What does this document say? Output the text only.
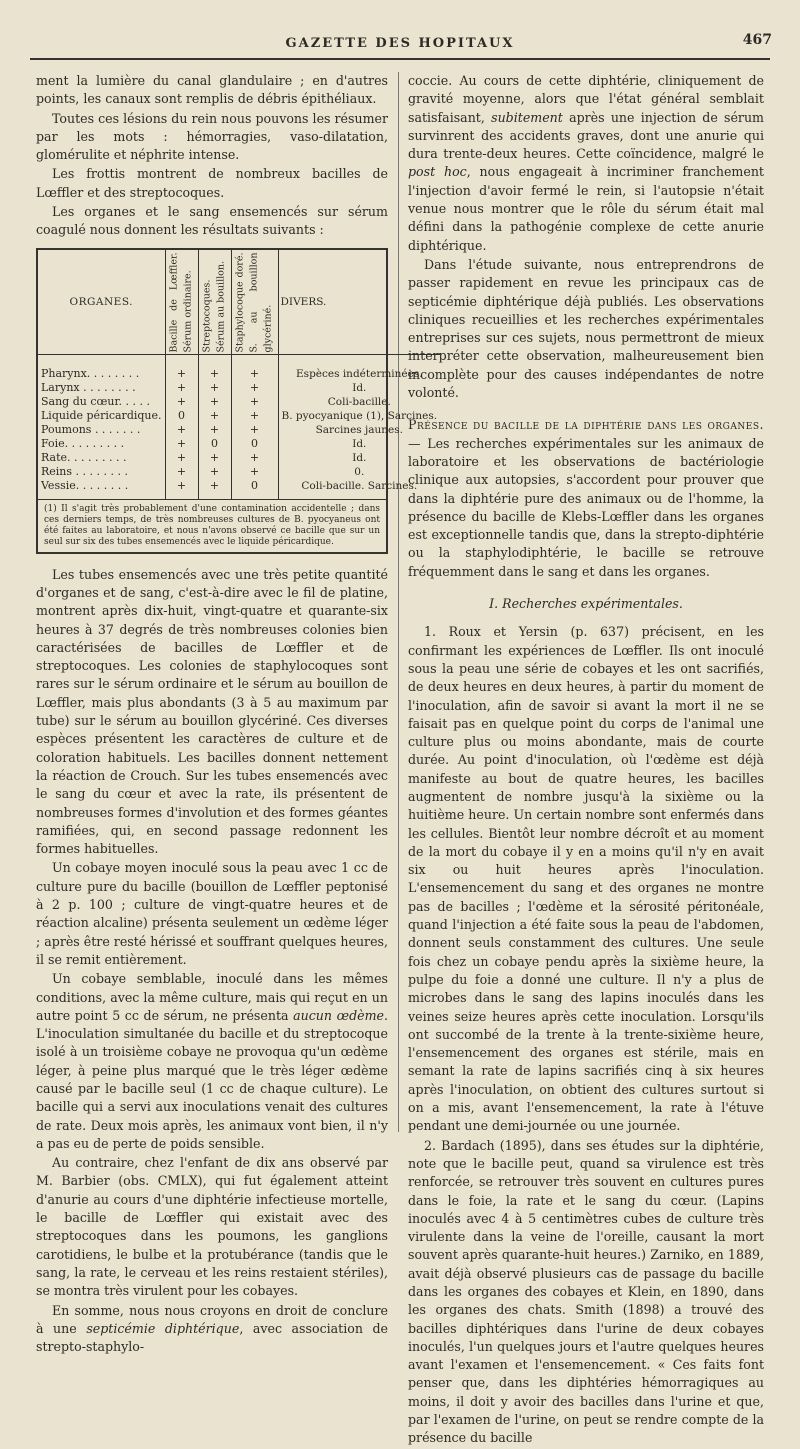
GAZETTE DES HOPITAUX	467

ment la lumière du canal glandulaire ; en d'autres points, les canaux sont remplis de débris épithéliaux.

Toutes ces lésions du rein nous pouvons les résumer par les mots : hémorragies, vaso-dilatation, glomérulite et néphrite intense.

Les frottis montrent de nombreux bacilles de Lœffler et des streptocoques.

Les organes et le sang ensemencés sur sérum coagulé nous donnent les résultats suivants :

ORGANES.	Bacille de Lœffler. Sérum ordinaire.	Streptocoques. Sérum au bouillon.	Staphylocoque doré. S. au bouillon glycériné.	DIVERS.
Pharynx. . . . . . . .	+	+	+	Espèces indéterminées.
Larynx . . . . . . . .	+	+	+	Id.
Sang du cœur. . . . .	+	+	+	Coli-bacille.
Liquide péricardique.	0	+	+	B. pyocyanique (1), Sarcines.
Poumons . . . . . . .	+	+	+	Sarcines jaunes.
Foie. . . . . . . . .	+	0	0	Id.
Rate. . . . . . . . .	+	+	+	Id.
Reins . . . . . . . .	+	+	+	0.
Vessie. . . . . . . .	+	+	0	Coli-bacille. Sarcines.
(1) Il s'agit très probablement d'une contamination accidentelle ; dans ces derniers temps, de très nombreuses cultures de B. pyocyaneus ont été faites au laboratoire, et nous n'avons observé ce bacille que sur un seul sur six des tubes ensemencés avec le liquide péricardique.

Les tubes ensemencés avec une très petite quantité d'organes et de sang, c'est-à-dire avec le fil de platine, montrent après dix-huit, vingt-quatre et quarante-six heures à 37 degrés de très nombreuses colonies bien caractérisées de bacilles de Lœffler et de streptocoques. Les colonies de staphylocoques sont rares sur le sérum ordinaire et le sérum au bouillon de Lœffler, mais plus abondants (3 à 5 au maximum par tube) sur le sérum au bouillon glycériné. Ces diverses espèces présentent les caractères de culture et de coloration habituels. Les bacilles donnent nettement la réaction de Crouch. Sur les tubes ensemencés avec le sang du cœur et avec la rate, ils présentent de nombreuses formes d'involution et des formes géantes ramifiées, qui, en second passage redonnent les formes habituelles.

Un cobaye moyen inoculé sous la peau avec 1 cc de culture pure du bacille (bouillon de Lœffler peptonisé à 2 p. 100 ; culture de vingt-quatre heures et de réaction alcaline) présenta seulement un œdème léger ; après être resté hérissé et souffrant quelques heures, il se remit entièrement.

Un cobaye semblable, inoculé dans les mêmes conditions, avec la même culture, mais qui reçut en un autre point 5 cc de sérum, ne présenta aucun œdème. L'inoculation simultanée du bacille et du streptocoque isolé à un troisième cobaye ne provoqua qu'un œdème léger, à peine plus marqué que le très léger œdème causé par le bacille seul (1 cc de chaque culture). Le bacille qui a servi aux inoculations venait des cultures de rate. Deux mois après, les animaux vont bien, il n'y a pas eu de perte de poids sensible.

Au contraire, chez l'enfant de dix ans observé par M. Barbier (obs. CMLX), qui fut également atteint d'anurie au cours d'une diphtérie infectieuse mortelle, le bacille de Lœffler qui existait avec des streptocoques dans les poumons, les ganglions carotidiens, le bulbe et la protubérance (tandis que le sang, la rate, le cerveau et les reins restaient stériles), se montra très virulent pour les cobayes.

En somme, nous nous croyons en droit de conclure à une septicémie diphtérique, avec association de strepto-staphylo-

coccie. Au cours de cette diphtérie, cliniquement de gravité moyenne, alors que l'état général semblait satisfaisant, subitement après une injection de sérum survinrent des accidents graves, dont une anurie qui dura trente-deux heures. Cette coïncidence, malgré le post hoc, nous engageait à incriminer franchement l'injection d'avoir fermé le rein, si l'autopsie n'était venue nous montrer que le rôle du sérum était mal défini dans la pathogénie complexe de cette anurie diphtérique.

Dans l'étude suivante, nous entreprendrons de passer rapidement en revue les principaux cas de septicémie diphtérique déjà publiés. Les observations cliniques recueillies et les recherches expérimentales entreprises sur ces sujets, nous permettront de mieux interpréter cette observation, malheureusement bien incomplète pour des causes indépendantes de notre volonté.

Présence du bacille de la diphtérie dans les organes. — Les recherches expérimentales sur les animaux de laboratoire et les observations de bactériologie clinique aux autopsies, s'accordent pour prouver que dans la diphtérie pure des animaux ou de l'homme, la présence du bacille de Klebs-Lœffler dans les organes est exceptionnelle tandis que, dans la strepto-diphtérie ou la staphylodiphtérie, le bacille se retrouve fréquemment dans le sang et dans les organes.

I. Recherches expérimentales.

1. Roux et Yersin (p. 637) précisent, en les confirmant les expériences de Lœffler. Ils ont inoculé sous la peau une série de cobayes et les ont sacrifiés, de deux heures en deux heures, à partir du moment de l'inoculation, afin de savoir si avant la mort il ne se faisait pas en quelque point du corps de l'animal une culture plus ou moins abondante, mais de courte durée. Au point d'inoculation, où l'œdème est déjà manifeste au bout de quatre heures, les bacilles augmentent de nombre jusqu'à la sixième ou la huitième heure. Un certain nombre sont enfermés dans les cellules. Bientôt leur nombre décroît et au moment de la mort du cobaye il y en a moins qu'il n'y en avait six ou huit heures après l'inoculation. L'ensemencement du sang et des organes ne montre pas de bacilles ; l'œdème et la sérosité péritonéale, quand l'injection a été faite sous la peau de l'abdomen, donnent seuls constamment des cultures. Une seule fois chez un cobaye pendu après la sixième heure, la pulpe du foie a donné une culture. Il n'y a plus de microbes dans le sang des lapins inoculés dans les veines seize heures après cette inoculation. Lorsqu'ils ont succombé de la trente à la trente-sixième heure, l'ensemencement des organes est stérile, mais en semant la rate de lapins sacrifiés cinq à six heures après l'inoculation, on obtient des cultures surtout si on a mis, avant l'ensemencement, la rate à l'étuve pendant une demi-journée ou une journée.

2. Bardach (1895), dans ses études sur la diphtérie, note que le bacille peut, quand sa virulence est très renforcée, se retrouver très souvent en cultures pures dans le foie, la rate et le sang du cœur. (Lapins inoculés avec 4 à 5 centimètres cubes de culture très virulente dans la veine de l'oreille, causant la mort souvent après quarante-huit heures.) Zarniko, en 1889, avait déjà observé plusieurs cas de passage du bacille dans les organes des cobayes et Klein, en 1890, dans les organes des chats. Smith (1898) a trouvé des bacilles diphtériques dans l'urine de deux cobayes inoculés, l'un quelques jours et l'autre quelques heures avant l'examen et l'ensemencement. « Ces faits font penser que, dans les diphtéries hémorragiques au moins, il doit y avoir des bacilles dans l'urine et que, par l'examen de l'urine, on peut se rendre compte de la présence du bacille
